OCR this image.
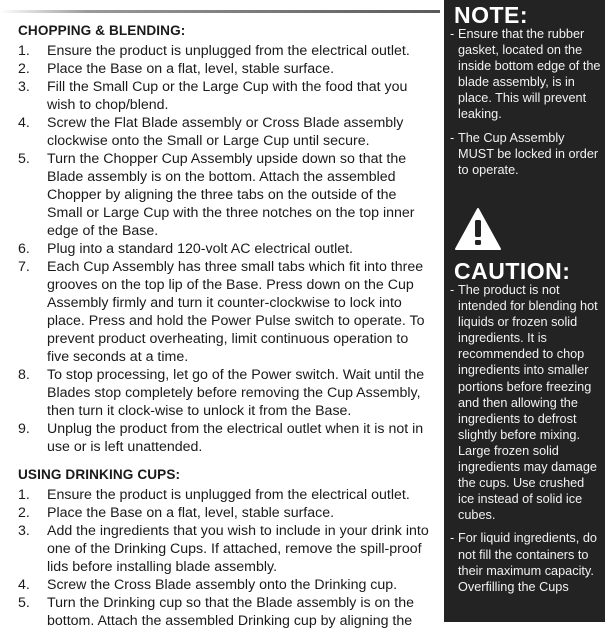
CHOPPING & BLENDING:
1.	Ensure the product is unplugged from the electrical outlet.
2.	Place the Base on a flat, level, stable surface.
3.	Fill the Small Cup or the Large Cup with the food that you wish to chop/blend.
4.	Screw the Flat Blade assembly or Cross Blade assembly clockwise onto the Small or Large Cup until secure.
5.	Turn the Chopper Cup Assembly upside down so that the Blade assembly is on the bottom. Attach the assembled Chopper by aligning the three tabs on the outside of the Small or Large Cup with the three notches on the top inner edge of the Base.
6.	Plug into a standard 120-volt AC electrical outlet.
7.	Each Cup Assembly has three small tabs which fit into three grooves on the top lip of the Base. Press down on the Cup Assembly firmly and turn it counter-clockwise to lock into place. Press and hold the Power Pulse switch to operate. To prevent product overheating, limit continuous operation to five seconds at a time.
8.	To stop processing, let go of the Power switch. Wait until the Blades stop completely before removing the Cup Assembly, then turn it clock-wise to unlock it from the Base.
9.	Unplug the product from the electrical outlet when it is not in use or is left unattended.
USING DRINKING CUPS:
1.	Ensure the product is unplugged from the electrical outlet.
2.	Place the Base on a flat, level, stable surface.
3.	Add the ingredients that you wish to include in your drink into one of the Drinking Cups. If attached, remove the spill-proof lids before installing blade assembly.
4.	Screw the Cross Blade assembly onto the Drinking cup.
5.	Turn the Drinking cup so that the Blade assembly is on the bottom. Attach the assembled Drinking cup by aligning the
NOTE:
- Ensure that the rubber gasket, located on the inside bottom edge of the blade assembly, is in place. This will prevent leaking.
- The Cup Assembly MUST be locked in order to operate.
CAUTION:
- The product is not intended for blending hot liquids or frozen solid ingredients. It is recommended to chop ingredients into smaller portions before freezing and then allowing the ingredients to defrost slightly before mixing. Large frozen solid ingredients may damage the cups. Use crushed ice instead of solid ice cubes.
- For liquid ingredients, do not fill the containers to their maximum capacity. Overfilling the Cups
